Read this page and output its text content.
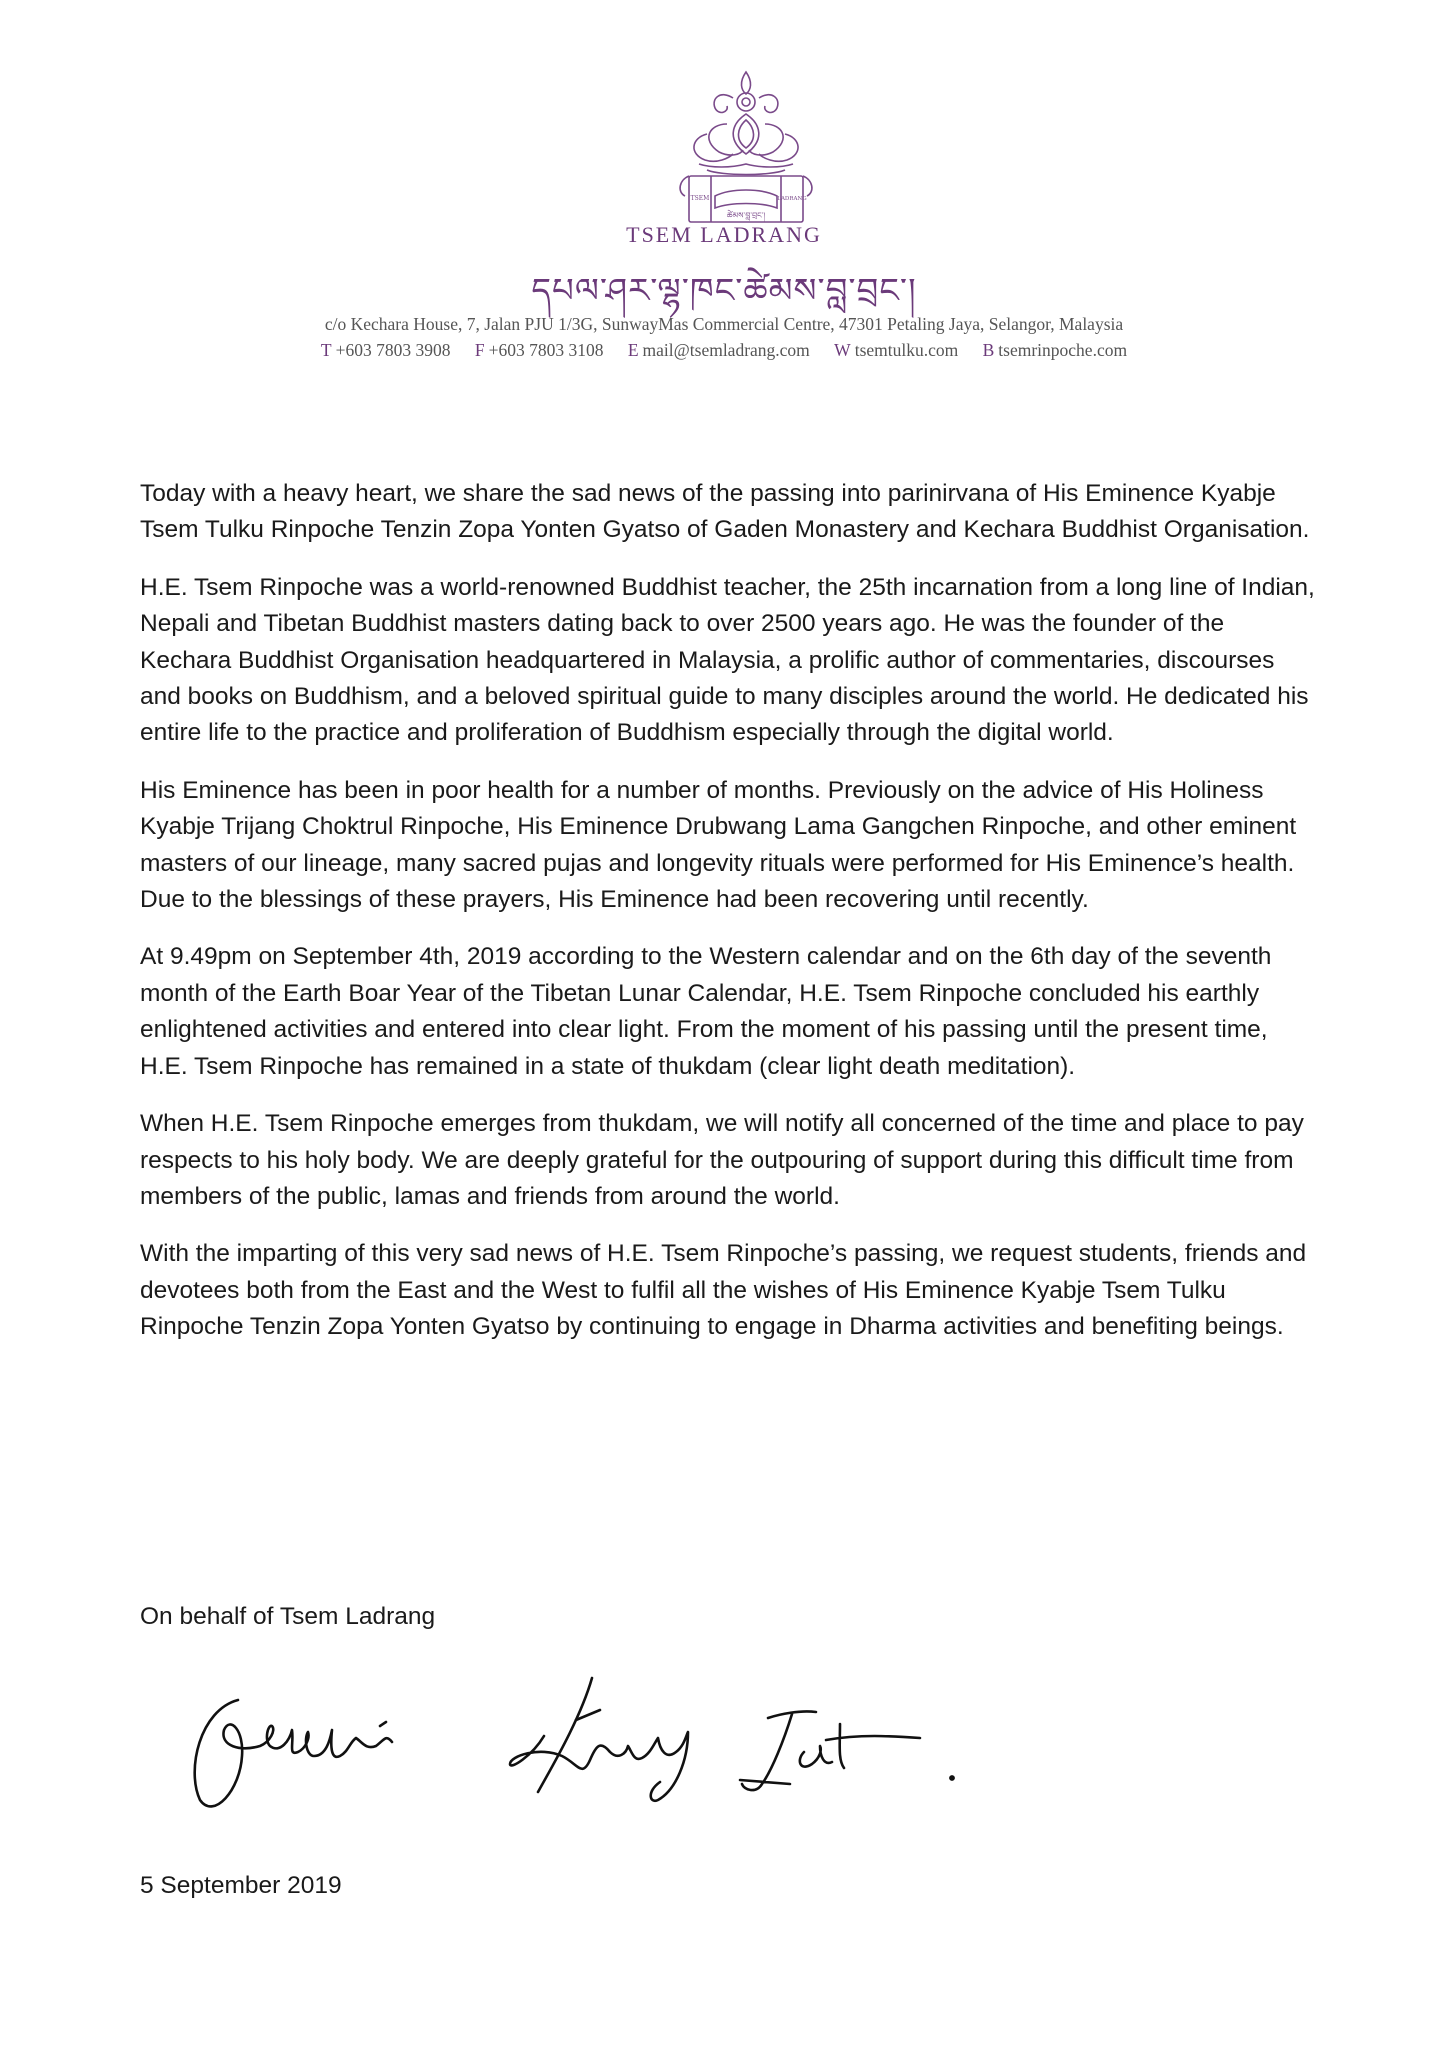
TSEM	LADRANG
ཚེམས་བླ་བྲང་།
TSEM LADRANG
དཔལ་ཤར་ལྷ་ཁང་ཚེམས་བླ་བྲང་།
c/o Kechara House, 7, Jalan PJU 1/3G, SunwayMas Commercial Centre, 47301 Petaling Jaya, Selangor, Malaysia
T +603 7803 3908 F +603 7803 3108 E mail@tsemladrang.com W tsemtulku.com B tsemrinpoche.com

Today with a heavy heart, we share the sad news of the passing into parinirvana of His Eminence Kyabje Tsem Tulku Rinpoche Tenzin Zopa Yonten Gyatso of Gaden Monastery and Kechara Buddhist Organisation.

H.E. Tsem Rinpoche was a world-renowned Buddhist teacher, the 25th incarnation from a long line of Indian, Nepali and Tibetan Buddhist masters dating back to over 2500 years ago. He was the founder of the Kechara Buddhist Organisation headquartered in Malaysia, a prolific author of commentaries, discourses and books on Buddhism, and a beloved spiritual guide to many disciples around the world. He dedicated his entire life to the practice and proliferation of Buddhism especially through the digital world.

His Eminence has been in poor health for a number of months. Previously on the advice of His Holiness Kyabje Trijang Choktrul Rinpoche, His Eminence Drubwang Lama Gangchen Rinpoche, and other eminent masters of our lineage, many sacred pujas and longevity rituals were performed for His Eminence’s health. Due to the blessings of these prayers, His Eminence had been recovering until recently.

At 9.49pm on September 4th, 2019 according to the Western calendar and on the 6th day of the seventh month of the Earth Boar Year of the Tibetan Lunar Calendar, H.E. Tsem Rinpoche concluded his earthly enlightened activities and entered into clear light. From the moment of his passing until the present time, H.E. Tsem Rinpoche has remained in a state of thukdam (clear light death meditation).

When H.E. Tsem Rinpoche emerges from thukdam, we will notify all concerned of the time and place to pay respects to his holy body. We are deeply grateful for the outpouring of support during this difficult time from members of the public, lamas and friends from around the world.

With the imparting of this very sad news of H.E. Tsem Rinpoche’s passing, we request students, friends and devotees both from the East and the West to fulfil all the wishes of His Eminence Kyabje Tsem Tulku Rinpoche Tenzin Zopa Yonten Gyatso by continuing to engage in Dharma activities and benefiting beings.

On behalf of Tsem Ladrang
5 September 2019
